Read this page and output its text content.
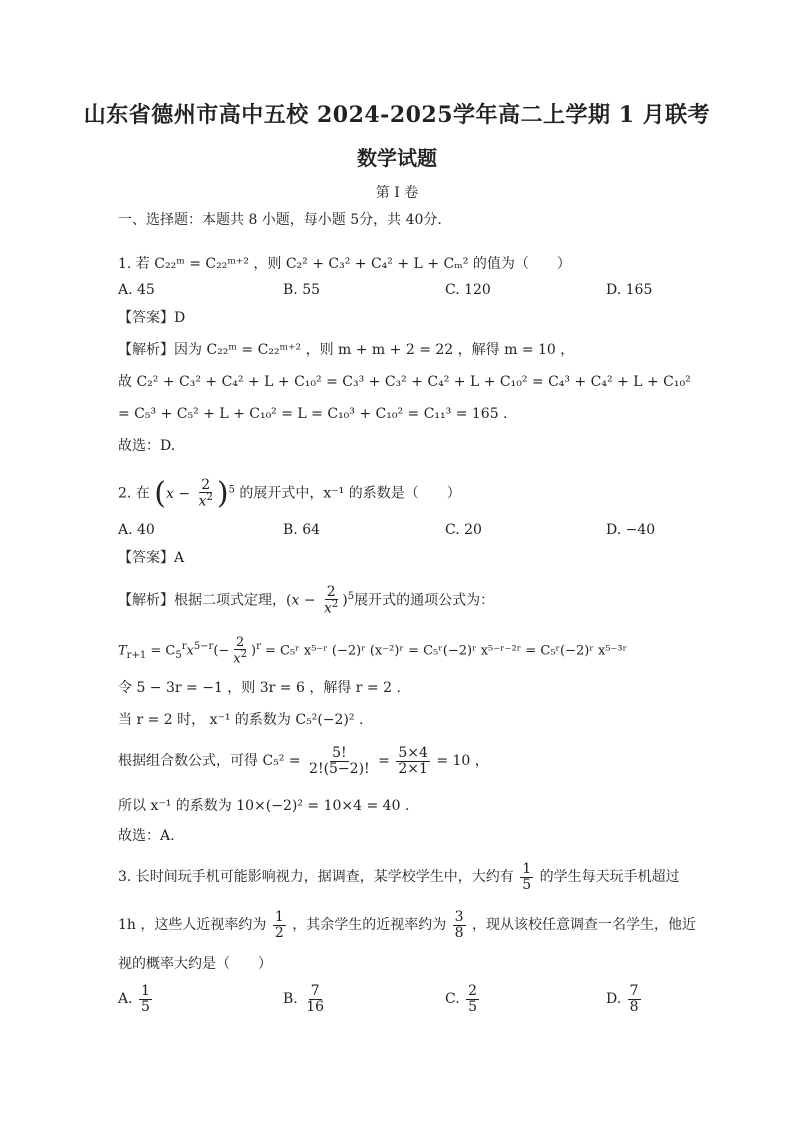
山东省德州市高中五校 2024-2025学年高二上学期 1 月联考
数学试题
第 I 卷
一、选择题：本题共 8 小题，每小题 5分，共 40分.
1. 若 C₂₂ᵐ = C₂₂ᵐ⁺² ，则 C₂² + C₃² + C₄² + L + Cₘ² 的值为（　　）
A. 45	B. 55	C. 120	D. 165
【答案】D
【解析】因为 C₂₂ᵐ = C₂₂ᵐ⁺² ，则 m + m + 2 = 22 ，解得 m = 10 ，
故 C₂² + C₃² + C₄² + L + C₁₀² = C₃³ + C₃² + C₄² + L + C₁₀² = C₄³ + C₄² + L + C₁₀²
= C₅³ + C₅² + L + C₁₀² = L = C₁₀³ + C₁₀² = C₁₁³ = 165 .
故选：D.
2. 在 $(x - \frac{2}{x^2} )^5$ 的展开式中，x⁻¹ 的系数是（　　）
A. 40	B. 64	C. 20	D. −40
【答案】A
【解析】根据二项式定理，$(x - \frac{2}{x^2} )^5$展开式的通项公式为：
$T_{r+1} = C_5^rx^{5-r}(- \frac{2}{x^2} )^r$ = C₅ʳ x⁵⁻ʳ (−2)ʳ (x⁻²)ʳ = C₅ʳ(−2)ʳ x⁵⁻ʳ⁻²ʳ = C₅ʳ(−2)ʳ x⁵⁻³ʳ
令 5 − 3r = −1 ，则 3r = 6 ，解得 r = 2 .
当 r = 2 时， x⁻¹ 的系数为 C₅²(−2)² .
根据组合数公式，可得 $C_5^2 = \frac{5!}{2!(5-2)!} = \frac{5\times 4}{2\times 1} = 10$ ，
所以 x⁻¹ 的系数为 10×(−2)² = 10×4 = 40 .
故选：A.
3. 长时间玩手机可能影响视力，据调查，某学校学生中，大约有 $\frac{1}{5}$ 的学生每天玩手机超过
1h ，这些人近视率约为 $\frac{1}{2}$ ，其余学生的近视率约为 $\frac{3}{8}$ ，现从该校任意调查一名学生，他近
视的概率大约是（　　）
A. $\frac{1}{5}$	B. $\frac{7}{16}$	C. $\frac{2}{5}$	D. $\frac{7}{8}$
